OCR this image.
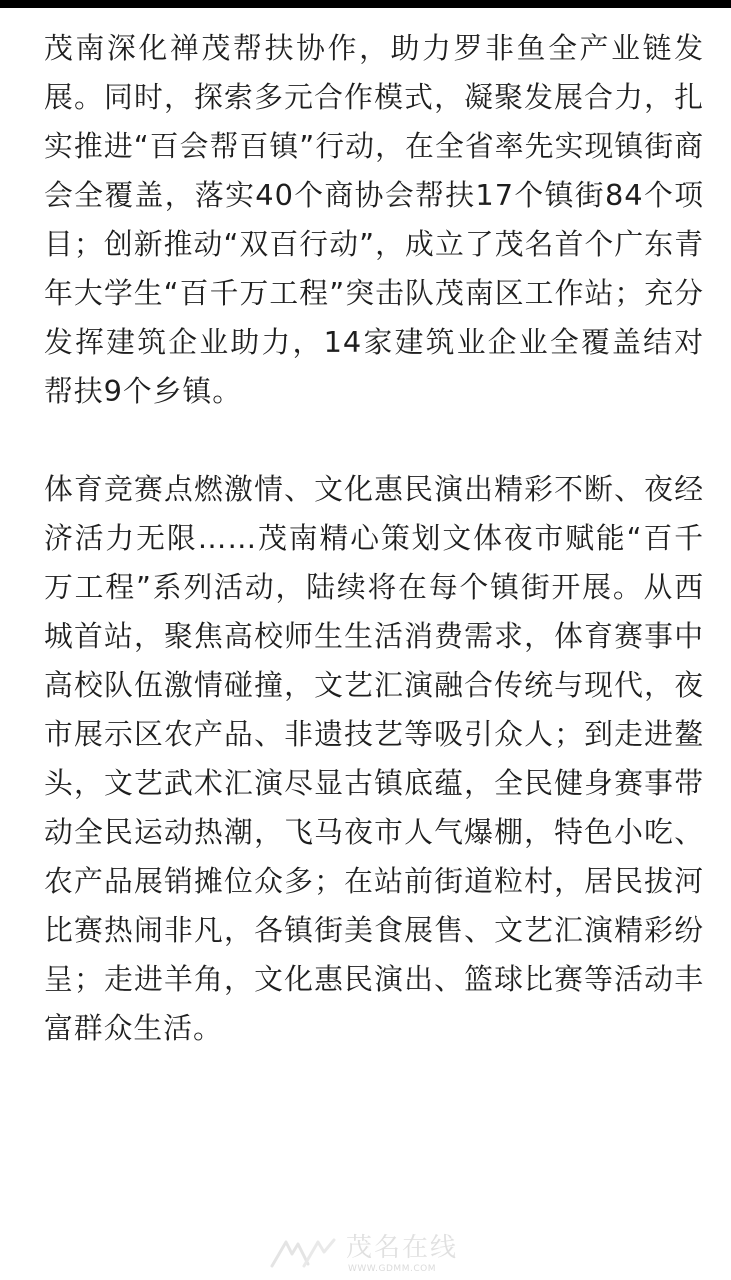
茂南深化禅茂帮扶协作，助力罗非鱼全产业链发展。同时，探索多元合作模式，凝聚发展合力，扎实推进“百会帮百镇”行动，在全省率先实现镇街商会全覆盖，落实40个商协会帮扶17个镇街84个项目；创新推动“双百行动”，成立了茂名首个广东青年大学生“百千万工程”突击队茂南区工作站；充分发挥建筑企业助力，14家建筑业企业全覆盖结对帮扶9个乡镇。

体育竞赛点燃激情、文化惠民演出精彩不断、夜经济活力无限……茂南精心策划文体夜市赋能“百千万工程”系列活动，陆续将在每个镇街开展。从西城首站，聚焦高校师生生活消费需求，体育赛事中高校队伍激情碰撞，文艺汇演融合传统与现代，夜市展示区农产品、非遗技艺等吸引众人；到走进鳌头，文艺武术汇演尽显古镇底蕴，全民健身赛事带动全民运动热潮，飞马夜市人气爆棚，特色小吃、农产品展销摊位众多；在站前街道粒村，居民拔河比赛热闹非凡，各镇街美食展售、文艺汇演精彩纷呈；走进羊角，文化惠民演出、篮球比赛等活动丰富群众生活。

茂名在线
WWW.GDMM.COM
